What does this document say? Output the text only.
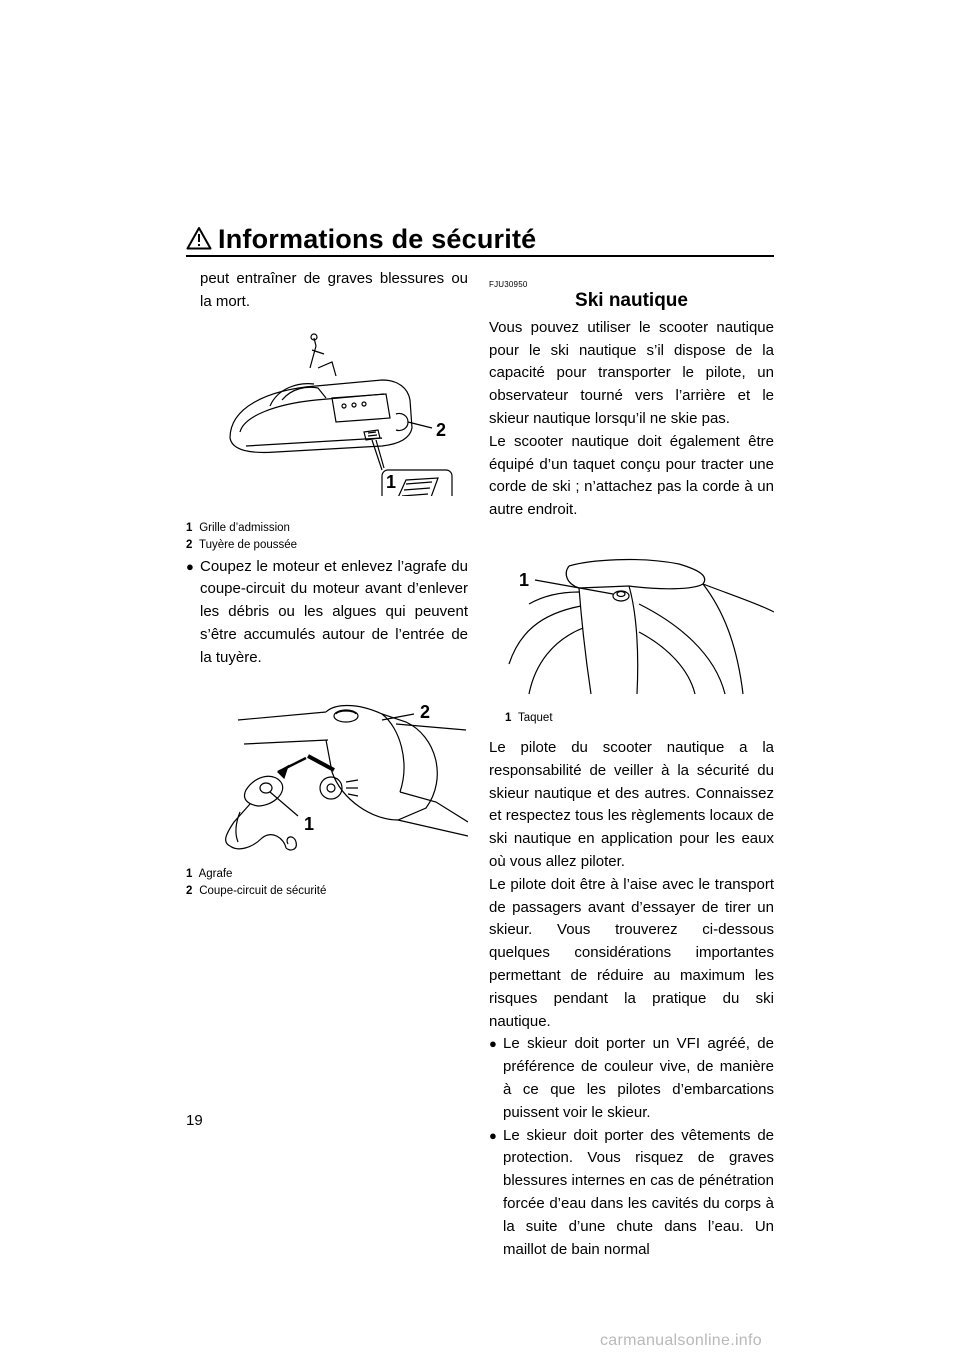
Informations de sécurité

peut entraîner de graves blessures ou la mort.

2
1
1 Grille d’admission
2 Tuyère de poussée
● Coupez le moteur et enlevez l’agrafe du coupe-circuit du moteur avant d’enlever les débris ou les algues qui peuvent s’être accumulés autour de l’entrée de la tuyère.
2
1
1 Agrafe
2 Coupe-circuit de sécurité
FJU30950
Ski nautique

Vous pouvez utiliser le scooter nautique pour le ski nautique s’il dispose de la capacité pour transporter le pilote, un observateur tourné vers l’arrière et le skieur nautique lorsqu’il ne skie pas.

Le scooter nautique doit également être équipé d’un taquet conçu pour tracter une corde de ski ; n’attachez pas la corde à un autre endroit.

1
1 Taquet

Le pilote du scooter nautique a la responsabilité de veiller à la sécurité du skieur nautique et des autres. Connaissez et respectez tous les règlements locaux de ski nautique en application pour les eaux où vous allez piloter.

Le pilote doit être à l’aise avec le transport de passagers avant d’essayer de tirer un skieur. Vous trouverez ci-dessous quelques considérations importantes permettant de réduire au maximum les risques pendant la pratique du ski nautique.

● Le skieur doit porter un VFI agréé, de préférence de couleur vive, de manière à ce que les pilotes d’embarcations puissent voir le skieur.
● Le skieur doit porter des vêtements de protection. Vous risquez de graves blessures internes en cas de pénétration forcée d’eau dans les cavités du corps à la suite d’une chute dans l’eau. Un maillot de bain normal
19
carmanualsonline.info
